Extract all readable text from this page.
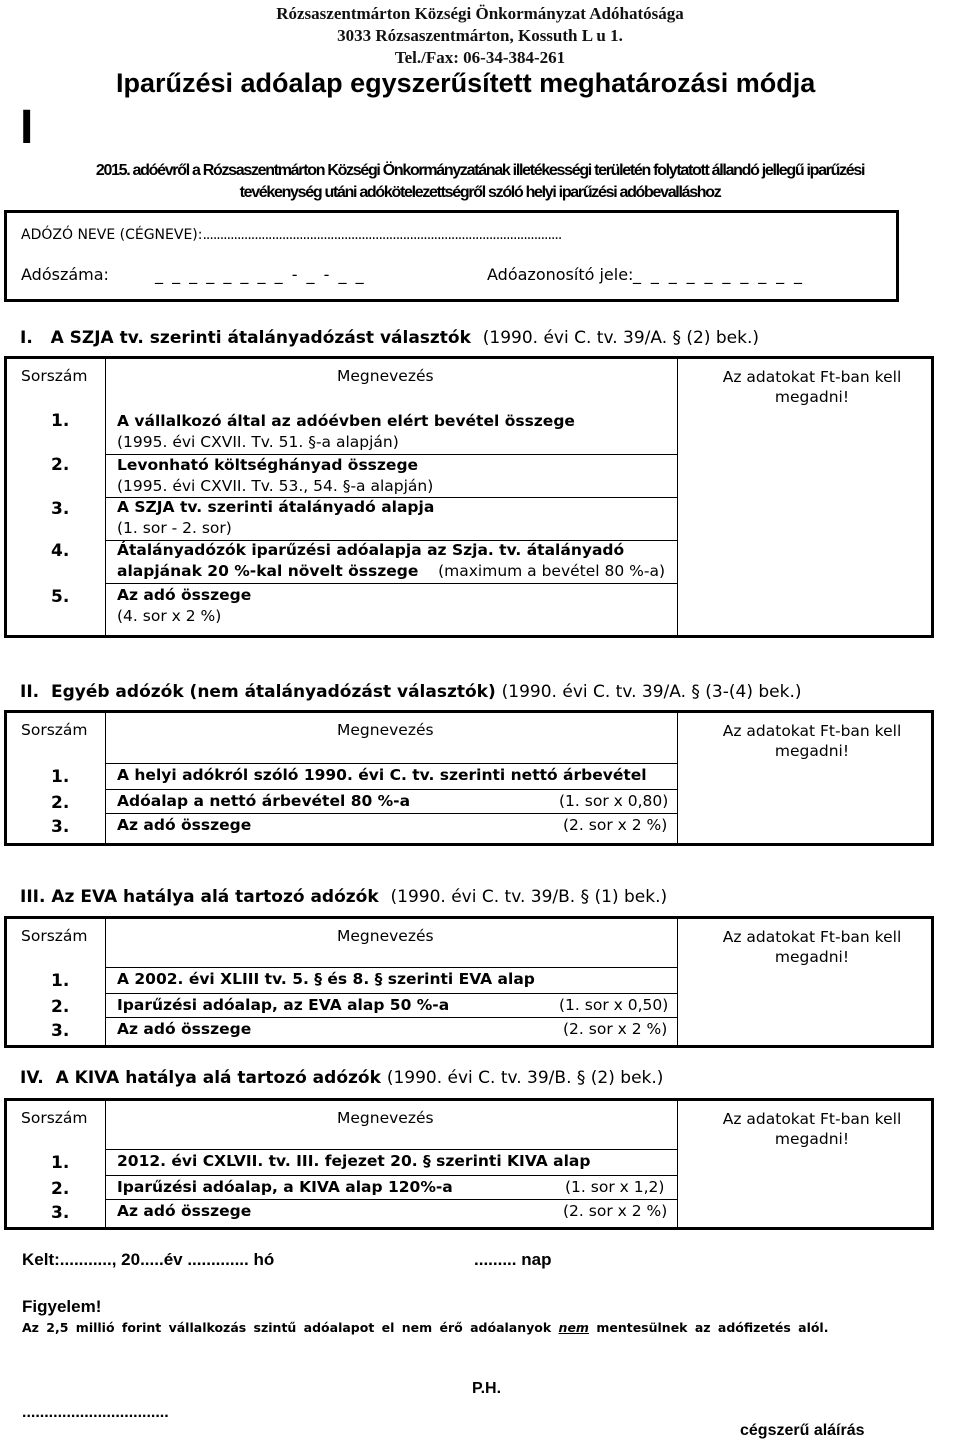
Rózsaszentmárton Községi Önkormányzat Adóhatósága
3033 Rózsaszentmárton, Kossuth L u 1.
Tel./Fax: 06-34-384-261
I
Iparűzési adóalap egyszerűsített meghatározási módja
2015. adóévről a Rózsaszentmárton Községi Önkormányzatának illetékességi területén folytatott állandó jellegű iparűzési
tevékenység utáni adókötelezettségről szóló helyi iparűzési adóbevalláshoz
ADÓZÓ NEVE (CÉGNEVE):........................................................................................................
Adószáma:	_ _ _ _ _ _ _ _ - _ - _ _	Adóazonosító jele: _ _ _ _ _ _ _ _ _ _
I. A SZJA tv. szerinti átalányadózást választók (1990. évi C. tv. 39/A. § (2) bek.)
Sorszám	Megnevezés	Az adatokat Ft-ban kell megadni!
1.	A vállalkozó által az adóévben elért bevétel összege
(1995. évi CXVII. Tv. 51. §-a alapján)
2.	Levonható költséghányad összege
(1995. évi CXVII. Tv. 53., 54. §-a alapján)
3.	A SZJA tv. szerinti átalányadó alapja
(1. sor - 2. sor)
4.	Átalányadózók iparűzési adóalapja az Szja. tv. átalányadó
alapjának 20 %-kal növelt összege (maximum a bevétel 80 %-a)
5.	Az adó összege
(4. sor x 2 %)
II. Egyéb adózók (nem átalányadózást választók) (1990. évi C. tv. 39/A. § (3-(4) bek.)
Sorszám	Megnevezés	Az adatokat Ft-ban kell megadni!
1.	A helyi adókról szóló 1990. évi C. tv. szerinti nettó árbevétel
2.	Adóalap a nettó árbevétel 80 %-a	(1. sor x 0,80)
3.	Az adó összege	(2. sor x 2 %)
III. Az EVA hatálya alá tartozó adózók (1990. évi C. tv. 39/B. § (1) bek.)
Sorszám	Megnevezés	Az adatokat Ft-ban kell megadni!
1.	A 2002. évi XLIII tv. 5. § és 8. § szerinti EVA alap
2.	Iparűzési adóalap, az EVA alap 50 %-a	(1. sor x 0,50)
3.	Az adó összege	(2. sor x 2 %)
IV. A KIVA hatálya alá tartozó adózók (1990. évi C. tv. 39/B. § (2) bek.)
Sorszám	Megnevezés	Az adatokat Ft-ban kell megadni!
1.	2012. évi CXLVII. tv. III. fejezet 20. § szerinti KIVA alap
2.	Iparűzési adóalap, a KIVA alap 120%-a	(1. sor x 1,2)
3.	Az adó összege	(2. sor x 2 %)
Kelt:..........., 20.....év ............. hó	......... nap
Figyelem!
Az 2,5 millió forint vállalkozás szintű adóalapot el nem érő adóalanyok nem mentesülnek az adófizetés alól.
P.H.
.................................
cégszerű aláírás
